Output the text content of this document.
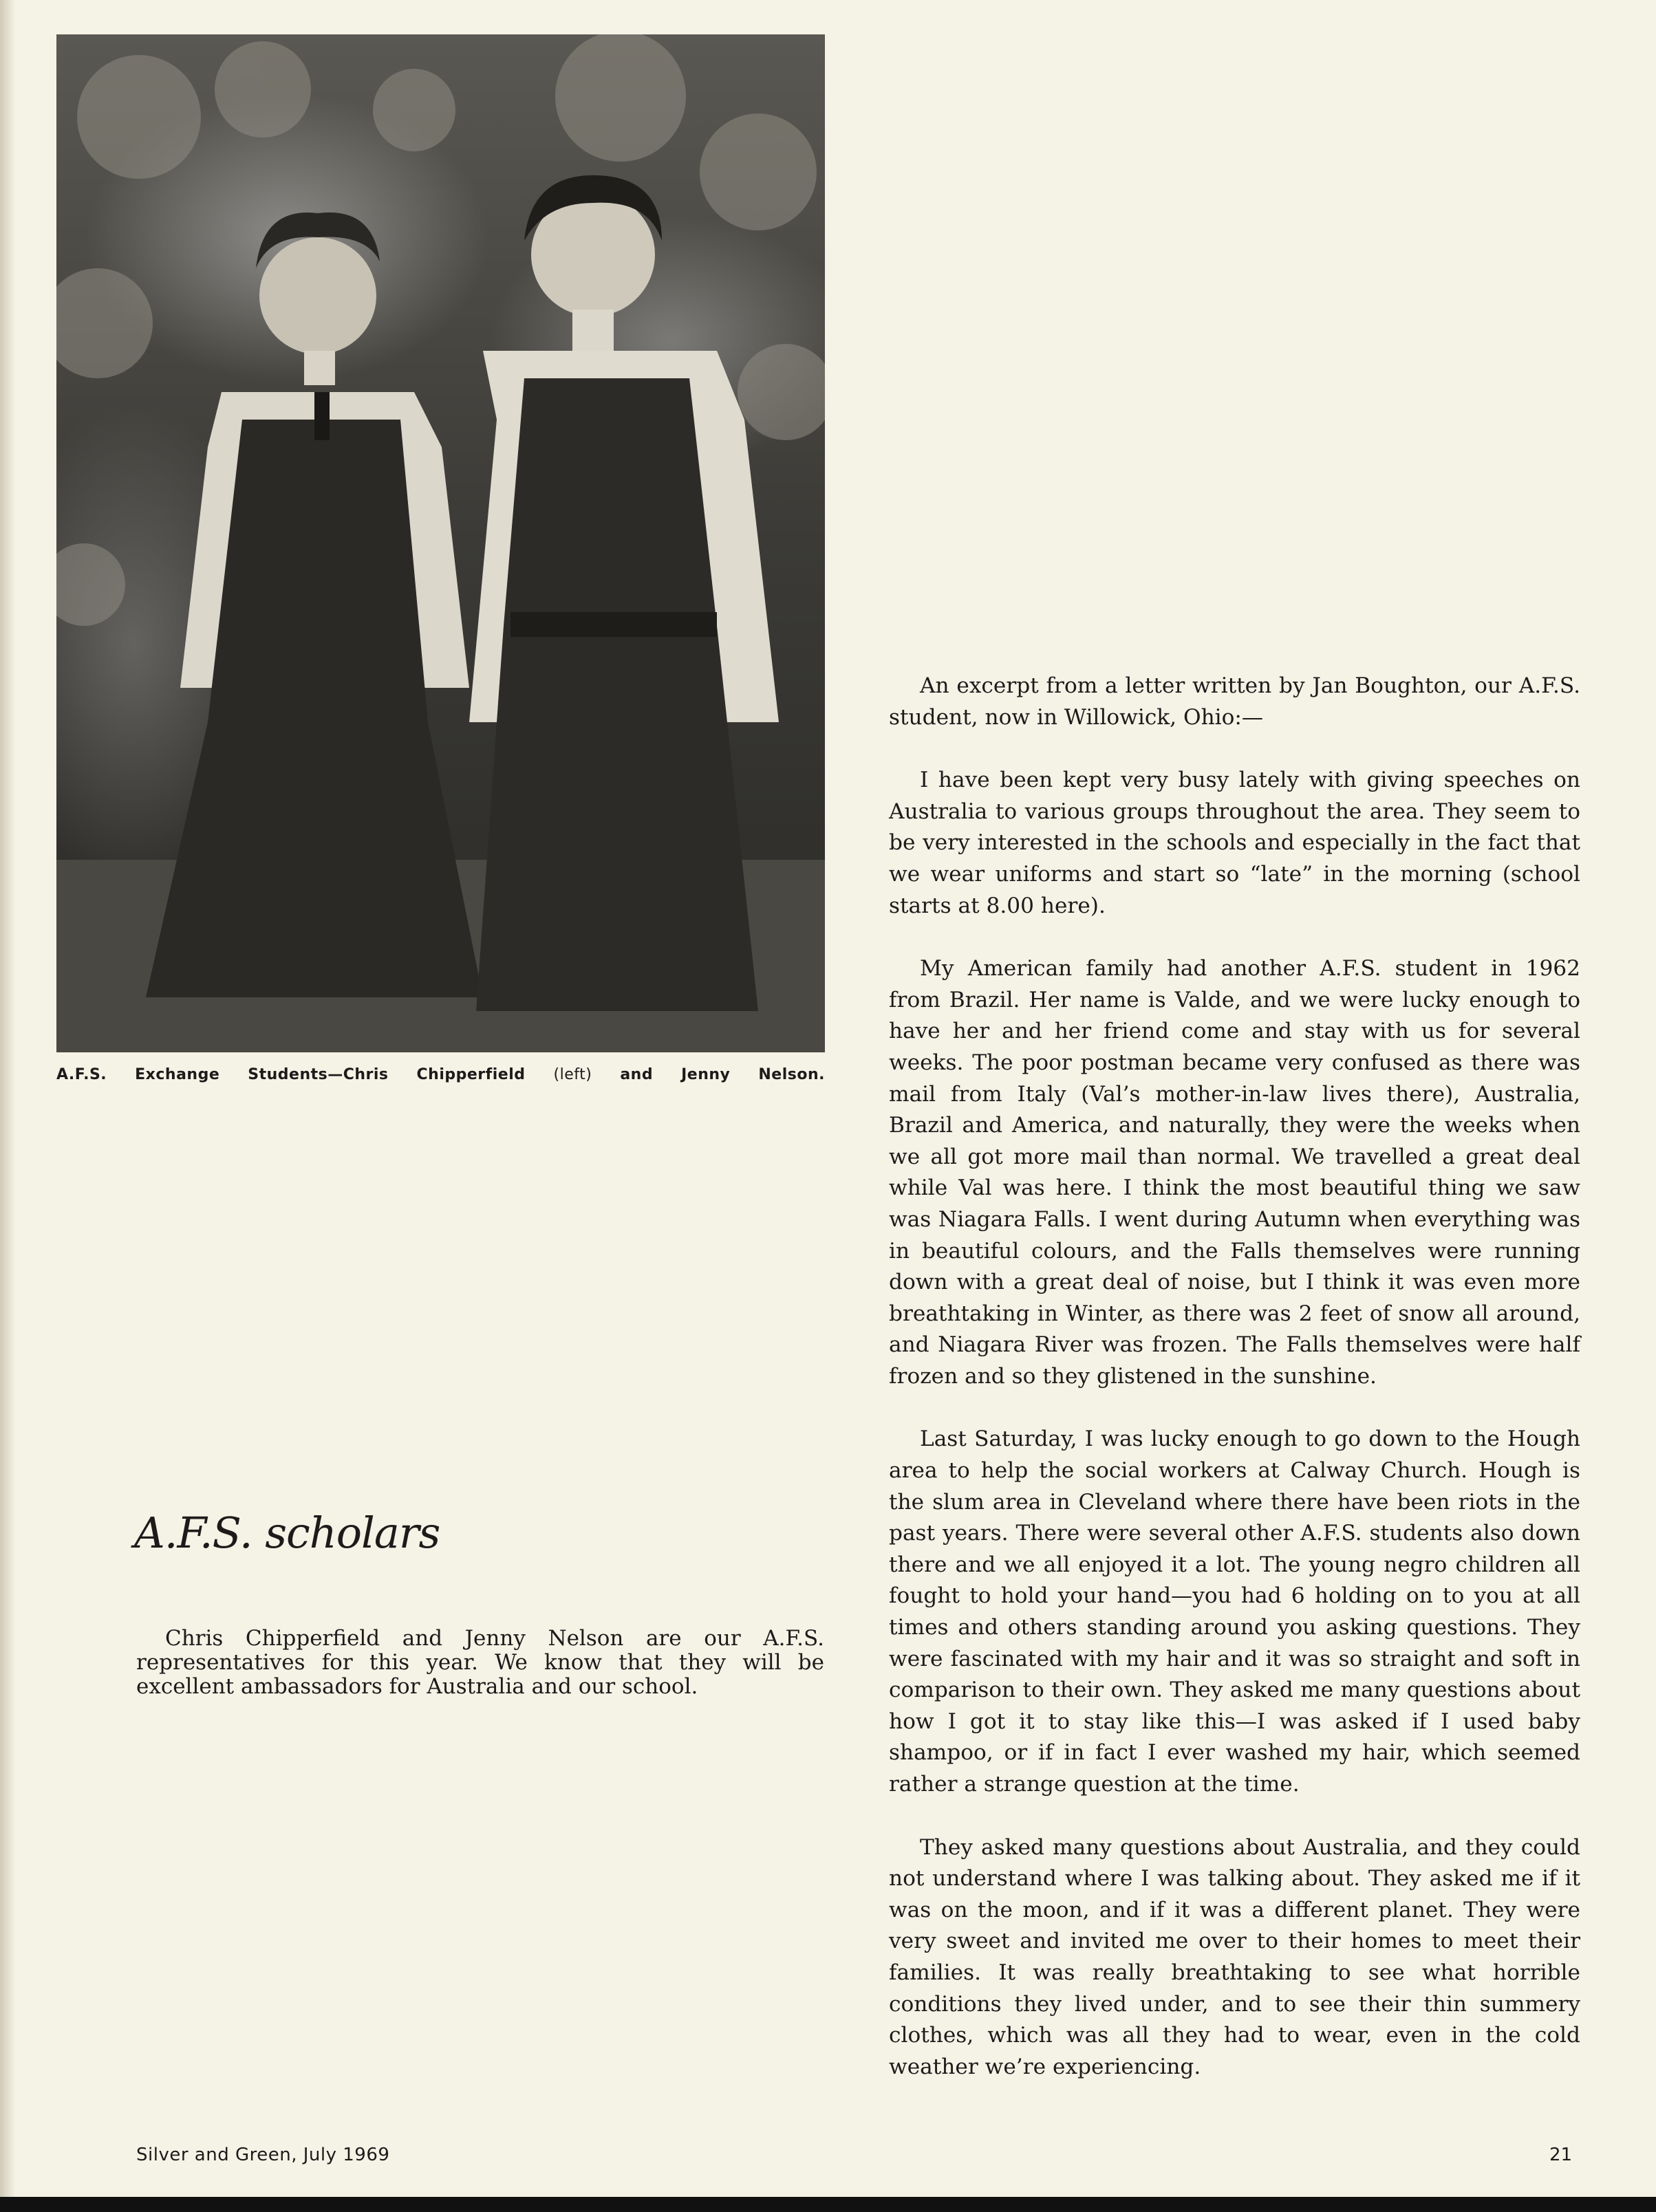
A.F.S. Exchange Students—Chris Chipperfield (left) and Jenny Nelson.
A.F.S. scholars

Chris Chipperfield and Jenny Nelson are our A.F.S. representatives for this year. We know that they will be excellent ambassadors for Australia and our school.

An excerpt from a letter written by Jan Boughton, our A.F.S. student, now in Willowick, Ohio:—

I have been kept very busy lately with giving speeches on Australia to various groups throughout the area. They seem to be very interested in the schools and especially in the fact that we wear uniforms and start so “late” in the morning (school starts at 8.00 here).

My American family had another A.F.S. student in 1962 from Brazil. Her name is Valde, and we were lucky enough to have her and her friend come and stay with us for several weeks. The poor postman became very confused as there was mail from Italy (Val’s mother-in-law lives there), Australia, Brazil and America, and naturally, they were the weeks when we all got more mail than normal. We travelled a great deal while Val was here. I think the most beautiful thing we saw was Niagara Falls. I went during Autumn when everything was in beautiful colours, and the Falls themselves were running down with a great deal of noise, but I think it was even more breathtaking in Winter, as there was 2 feet of snow all around, and Niagara River was frozen. The Falls themselves were half frozen and so they glistened in the sunshine.

Last Saturday, I was lucky enough to go down to the Hough area to help the social workers at Calway Church. Hough is the slum area in Cleveland where there have been riots in the past years. There were several other A.F.S. students also down there and we all enjoyed it a lot. The young negro children all fought to hold your hand—you had 6 holding on to you at all times and others standing around you asking questions. They were fascinated with my hair and it was so straight and soft in comparison to their own. They asked me many questions about how I got it to stay like this—I was asked if I used baby shampoo, or if in fact I ever washed my hair, which seemed rather a strange question at the time.

They asked many questions about Australia, and they could not understand where I was talking about. They asked me if it was on the moon, and if it was a different planet. They were very sweet and invited me over to their homes to meet their families. It was really breathtaking to see what horrible conditions they lived under, and to see their thin summery clothes, which was all they had to wear, even in the cold weather we’re experiencing.

Silver and Green, July 1969	21
